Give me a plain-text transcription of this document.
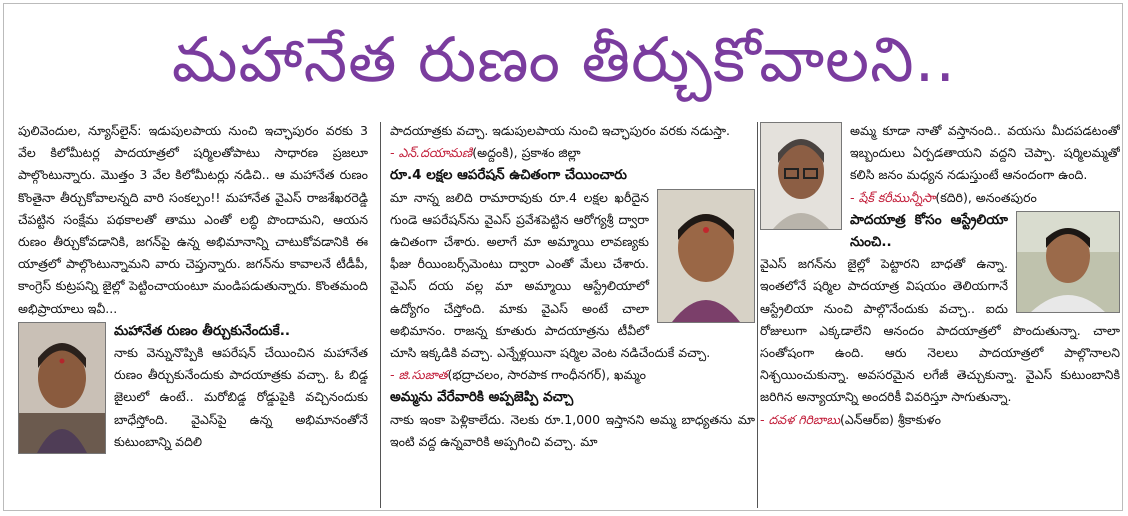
మహానేత రుణం తీర్చుకోవాలని..

పులివెందుల, న్యూస్‌లైన్: ఇడుపులపాయ నుంచి ఇచ్ఛాపురం వరకు 3 వేల కిలోమీటర్ల పాదయాత్రలో షర్మిలతోపాటు సాధారణ ప్రజలూ పాల్గొంటున్నారు. మొత్తం 3 వేల కిలోమీటర్లు నడిచి.. ఆ మహానేత రుణం కొంతైనా తీర్చుకోవాలన్నది వారి సంకల్పం!! మహానేత వైఎస్ రాజశేఖరరెడ్డి చేపట్టిన సంక్షేమ పథకాలతో తాము ఎంతో లబ్ధి పొందామని, ఆయన రుణం తీర్చుకోవడానికి, జగన్‌పై ఉన్న అభిమానాన్ని చాటుకోవడానికి ఈ యాత్రలో పాల్గొంటున్నామని వారు చెప్తున్నారు. జగన్‌ను కావాలనే టీడీపీ, కాంగ్రెస్ కుట్రపన్ని జైల్లో పెట్టించాయంటూ మండిపడుతున్నారు. కొంతమంది అభిప్రాయాలు ఇవీ...

మహానేత రుణం తీర్చుకునేందుకే..

నాకు వెన్నునొప్పికి ఆపరేషన్ చేయించిన మహానేత రుణం తీర్చుకునేందుకు పాదయాత్రకు వచ్చా. ఓ బిడ్డ జైలులో ఉంటే.. మరోబిడ్డ రోడ్డుపైకి వచ్చినందుకు బాధేస్తోంది. వైఎస్‌పై ఉన్న అభిమానంతోనే కుటుంబాన్ని వదిలి

పాదయాత్రకు వచ్చా. ఇడుపులపాయ నుంచి ఇచ్ఛాపురం వరకు నడుస్తా.

- ఎన్.దయామణి(అద్దంకి), ప్రకాశం జిల్లా

రూ.4 లక్షల ఆపరేషన్ ఉచితంగా చేయించారు

మా నాన్న జలిది రామారావుకు రూ.4 లక్షల ఖరీదైన గుండె ఆపరేషన్‌ను వైఎస్ ప్రవేశపెట్టిన ఆరోగ్యశ్రీ ద్వారా ఉచితంగా చేశారు. అలాగే మా అమ్మాయి లావణ్యకు ఫీజు రీయింబర్స్‌మెంటు ద్వారా ఎంతో మేలు చేశారు. వైఎస్ దయ వల్ల మా అమ్మాయి ఆస్ట్రేలియాలో ఉద్యోగం చేస్తోంది. మాకు వైఎస్ అంటే చాలా అభిమానం. రాజన్న కూతురు పాదయాత్రను టీవీలో చూసి ఇక్కడికి వచ్చా. ఎన్నేళ్లయినా షర్మిల వెంట నడిచేందుకే వచ్చా.

- జి.సుజాత(భద్రాచలం, సారపాక గాంధీనగర్), ఖమ్మం

అమ్మను వేరేవారికి అప్పజెప్పి వచ్చా

నాకు ఇంకా పెళ్లికాలేదు. నెలకు రూ.1,000 ఇస్తానని అమ్మ బాధ్యతను మా ఇంటి వద్ద ఉన్నవారికి అప్పగించి వచ్చా. మా

అమ్మ కూడా నాతో వస్తానంది.. వయసు మీదపడటంతో ఇబ్బందులు ఏర్పడతాయని వద్దని చెప్పా. షర్మిలమ్మతో కలిసి జనం మధ్యన నడుస్తుంటే ఆనందంగా ఉంది.

- షేక్ కరీమున్నీసా(కదిరి), అనంతపురం

పాదయాత్ర కోసం ఆస్ట్రేలియా నుంచి..

వైఎస్ జగన్‌ను జైల్లో పెట్టారని బాధతో ఉన్నా. ఇంతలోనే షర్మిల పాదయాత్ర విషయం తెలియగానే ఆస్ట్రేలియా నుంచి పాల్గొనేందుకు వచ్చా.. ఐదు రోజులుగా ఎక్కడాలేని ఆనందం పాదయాత్రలో పొందుతున్నా. చాలా సంతోషంగా ఉంది. ఆరు నెలలు పాదయాత్రలో పాల్గొనాలని నిశ్చయించుకున్నా. అవసరమైన లగేజీ తెచ్చుకున్నా. వైఎస్ కుటుంబానికి జరిగిన అన్యాయాన్ని అందరికీ వివరిస్తూ సాగుతున్నా.

- దవళ గిరిబాబు(ఎన్ఆర్ఐ) శ్రీకాకుళం
